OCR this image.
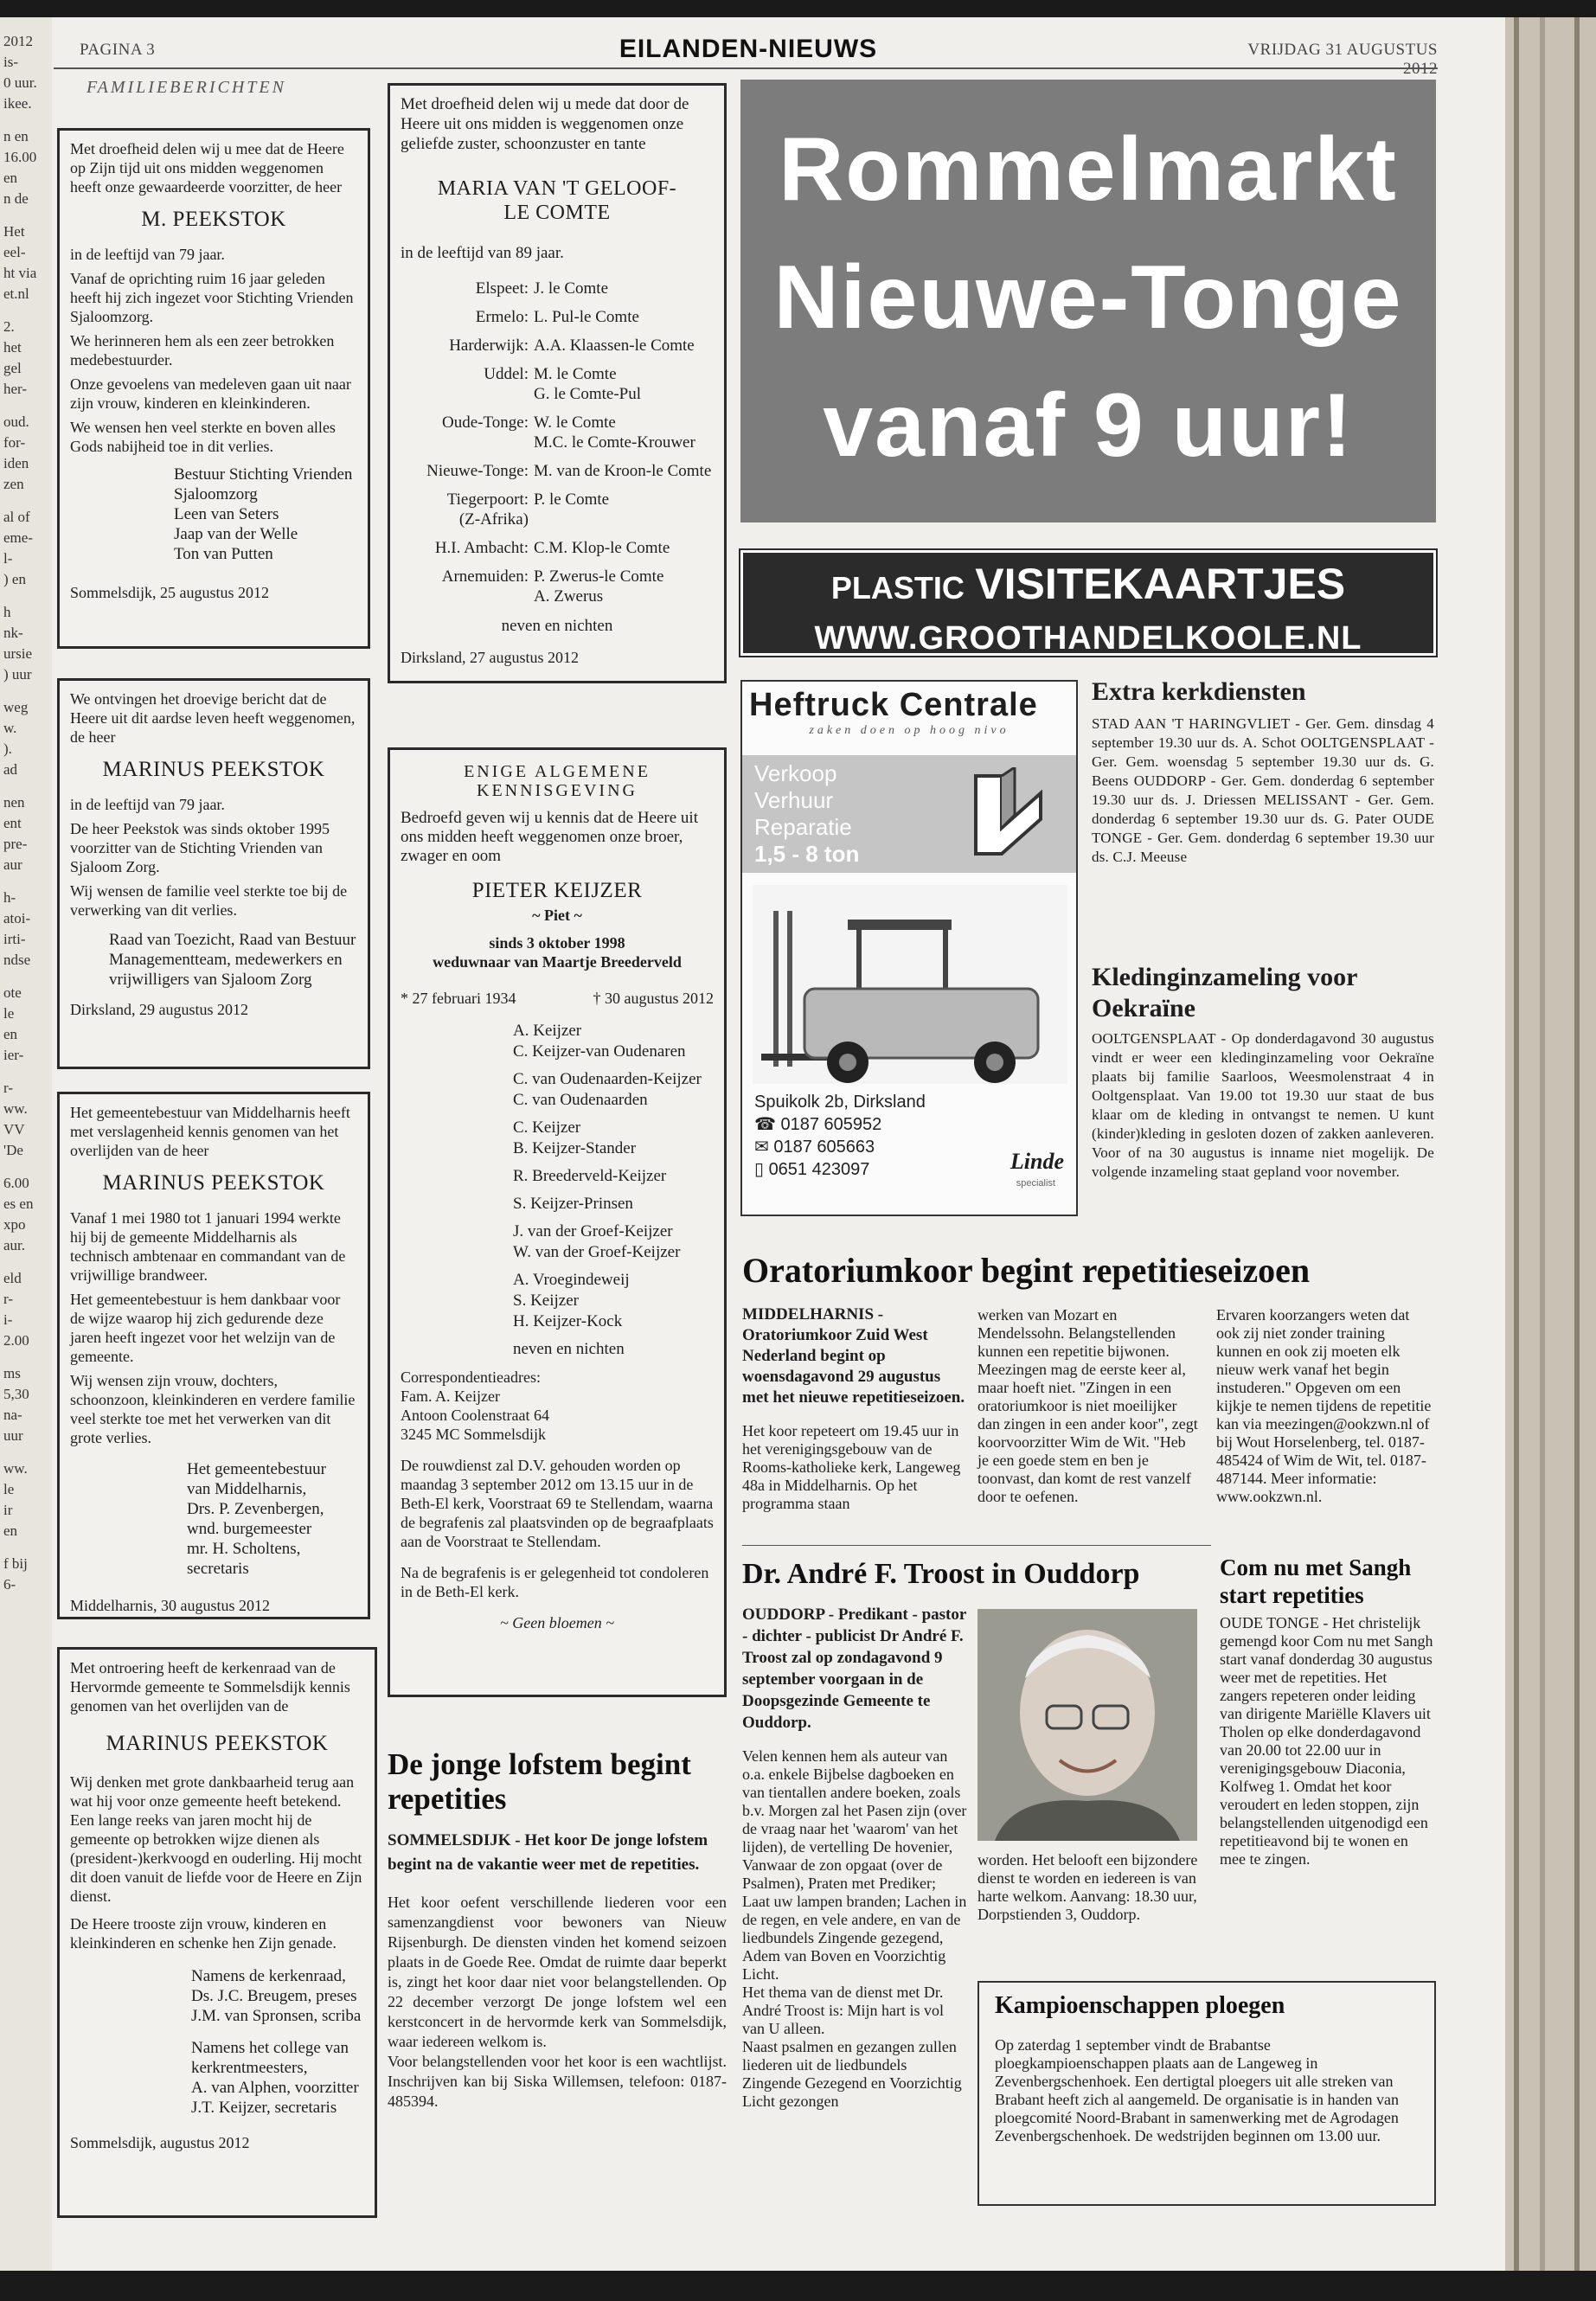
2012
is-
0 uur.
ikee.
n en
16.00
en
n de
Het
eel-
ht via
et.nl
2.
het
gel
her-
oud.
for-
iden
zen
al of
eme-
l-
) en
h
nk-
ursie
) uur
weg
w.
).
ad
nen
ent
pre-
aur
h-
atoi-
irti-
ndse
ote
le
en
ier-
r-
ww.
VV
'De
6.00
es en
xpo
aur.
eld
r-
i-
2.00
ms
5,30
na-
uur
ww.
le
ir
en
f bij
6-
PAGINA 3	EILANDEN-NIEUWS	VRIJDAG 31 AUGUSTUS 2012
FAMILIEBERICHTEN

Met droefheid delen wij u mee dat de Heere op Zijn tijd uit ons midden weggenomen heeft onze gewaardeerde voorzitter, de heer

M. PEEKSTOK

in de leeftijd van 79 jaar.

Vanaf de oprichting ruim 16 jaar geleden heeft hij zich ingezet voor Stichting Vrienden Sjaloomzorg.

We herinneren hem als een zeer betrokken medebestuurder.

Onze gevoelens van medeleven gaan uit naar zijn vrouw, kinderen en kleinkinderen.

We wensen hen veel sterkte en boven alles Gods nabijheid toe in dit verlies.

Bestuur Stichting Vrienden
Sjaloomzorg
Leen van Seters
Jaap van der Welle
Ton van Putten
Sommelsdijk, 25 augustus 2012

We ontvingen het droevige bericht dat de Heere uit dit aardse leven heeft weggenomen, de heer

MARINUS PEEKSTOK

in de leeftijd van 79 jaar.

De heer Peekstok was sinds oktober 1995 voorzitter van de Stichting Vrienden van Sjaloom Zorg.

Wij wensen de familie veel sterkte toe bij de verwerking van dit verlies.

Raad van Toezicht, Raad van Bestuur
Managementteam, medewerkers en
vrijwilligers van Sjaloom Zorg
Dirksland, 29 augustus 2012

Het gemeentebestuur van Middelharnis heeft met verslagenheid kennis genomen van het overlijden van de heer

MARINUS PEEKSTOK

Vanaf 1 mei 1980 tot 1 januari 1994 werkte hij bij de gemeente Middelharnis als technisch ambtenaar en commandant van de vrijwillige brandweer.

Het gemeentebestuur is hem dankbaar voor de wijze waarop hij zich gedurende deze jaren heeft ingezet voor het welzijn van de gemeente.

Wij wensen zijn vrouw, dochters, schoonzoon, kleinkinderen en verdere familie veel sterkte toe met het verwerken van dit grote verlies.

Het gemeentebestuur
van Middelharnis,
Drs. P. Zevenbergen,
wnd. burgemeester
mr. H. Scholtens, secretaris
Middelharnis, 30 augustus 2012

Met ontroering heeft de kerkenraad van de Hervormde gemeente te Sommelsdijk kennis genomen van het overlijden van de

MARINUS PEEKSTOK

Wij denken met grote dankbaarheid terug aan wat hij voor onze gemeente heeft betekend. Een lange reeks van jaren mocht hij de gemeente op betrokken wijze dienen als (president-)kerkvoogd en ouderling. Hij mocht dit doen vanuit de liefde voor de Heere en Zijn dienst.

De Heere trooste zijn vrouw, kinderen en kleinkinderen en schenke hen Zijn genade.

Namens de kerkenraad,
Ds. J.C. Breugem, preses
J.M. van Spronsen, scriba
Namens het college van
kerkrentmeesters,
A. van Alphen, voorzitter
J.T. Keijzer, secretaris
Sommelsdijk, augustus 2012

Met droefheid delen wij u mede dat door de Heere uit ons midden is weggenomen onze geliefde zuster, schoonzuster en tante

MARIA VAN 'T GELOOF-LE COMTE

in de leeftijd van 89 jaar.

Elspeet: J. le Comte
Ermelo: L. Pul-le Comte
Harderwijk: A.A. Klaassen-le Comte
Uddel: M. le Comte
G. le Comte-Pul
Oude-Tonge: W. le Comte
M.C. le Comte-Krouwer
Nieuwe-Tonge: M. van de Kroon-le Comte
Tiegerpoort: P. le Comte
(Z-Afrika)
H.I. Ambacht: C.M. Klop-le Comte
Arnemuiden: P. Zwerus-le Comte
A. Zwerus
neven en nichten
Dirksland, 27 augustus 2012
ENIGE ALGEMENE KENNISGEVING

Bedroefd geven wij u kennis dat de Heere uit ons midden heeft weggenomen onze broer, zwager en oom

PIETER KEIJZER
~ Piet ~
sinds 3 oktober 1998
weduwnaar van Maartje Breederveld
* 27 februari 1934	† 30 augustus 2012
A. Keijzer
C. Keijzer-van Oudenaren
C. van Oudenaarden-Keijzer
C. van Oudenaarden
C. Keijzer
B. Keijzer-Stander
R. Breederveld-Keijzer
S. Keijzer-Prinsen
J. van der Groef-Keijzer
W. van der Groef-Keijzer
A. Vroegindeweij
S. Keijzer
H. Keijzer-Kock
neven en nichten
Correspondentieadres:
Fam. A. Keijzer
Antoon Coolenstraat 64
3245 MC Sommelsdijk

De rouwdienst zal D.V. gehouden worden op maandag 3 september 2012 om 13.15 uur in de Beth-El kerk, Voorstraat 69 te Stellendam, waarna de begrafenis zal plaatsvinden op de begraafplaats aan de Voorstraat te Stellendam.

Na de begrafenis is er gelegenheid tot condoleren in de Beth-El kerk.

~ Geen bloemen ~
De jonge lofstem begint repetities
SOMMELSDIJK - Het koor De jonge lofstem begint na de vakantie weer met de repetities.

Het koor oefent verschillende liederen voor een samenzangdienst voor bewoners van Nieuw Rijsenburgh. De diensten vinden het komend seizoen plaats in de Goede Ree. Omdat de ruimte daar beperkt is, zingt het koor daar niet voor belangstellenden. Op 22 december verzorgt De jonge lofstem wel een kerstconcert in de hervormde kerk van Sommelsdijk, waar iedereen welkom is.

Voor belangstellenden voor het koor is een wachtlijst. Inschrijven kan bij Siska Willemsen, telefoon: 0187-485394.

Rommelmarkt
Nieuwe-Tonge
vanaf 9 uur!
PLASTIC VISITEKAARTJES
WWW.GROOTHANDELKOOLE.NL
Heftruck Centrale
zaken doen op hoog nivo
Verkoop
Verhuur
Reparatie
1,5 - 8 ton
Spuikolk 2b, Dirksland
☎ 0187 605952
✉ 0187 605663
▯ 0651 423097	Linde
specialist
Extra kerkdiensten
STAD AAN 'T HARINGVLIET - Ger. Gem. dinsdag 4 september 19.30 uur ds. A. Schot OOLTGENSPLAAT - Ger. Gem. woensdag 5 september 19.30 uur ds. G. Beens OUDDORP - Ger. Gem. donderdag 6 september 19.30 uur ds. J. Driessen MELISSANT - Ger. Gem. donderdag 6 september 19.30 uur ds. G. Pater OUDE TONGE - Ger. Gem. donderdag 6 september 19.30 uur ds. C.J. Meeuse
Kledinginzameling voor Oekraïne
OOLTGENSPLAAT - Op donderdagavond 30 augustus vindt er weer een kledinginzameling voor Oekraïne plaats bij familie Saarloos, Weesmolenstraat 4 in Ooltgensplaat. Van 19.00 tot 19.30 uur staat de bus klaar om de kleding in ontvangst te nemen. U kunt (kinder)kleding in gesloten dozen of zakken aanleveren. Voor of na 30 augustus is inname niet mogelijk. De volgende inzameling staat gepland voor november.
Oratoriumkoor begint repetitieseizoen
MIDDELHARNIS - Oratoriumkoor Zuid West Nederland begint op woensdagavond 29 augustus met het nieuwe repetitieseizoen.

Het koor repeteert om 19.45 uur in het verenigingsgebouw van de Rooms-katholieke kerk, Langeweg 48a in Middelharnis. Op het programma staan

werken van Mozart en Mendelssohn. Belangstellenden kunnen een repetitie bijwonen. Meezingen mag de eerste keer al, maar hoeft niet. "Zingen in een oratoriumkoor is niet moeilijker dan zingen in een ander koor", zegt koorvoorzitter Wim de Wit. "Heb je een goede stem en ben je toonvast, dan komt de rest vanzelf door te oefenen.

Ervaren koorzangers weten dat ook zij niet zonder training kunnen en ook zij moeten elk nieuw werk vanaf het begin instuderen." Opgeven om een kijkje te nemen tijdens de repetitie kan via meezingen@ookzwn.nl of bij Wout Horselenberg, tel. 0187-485424 of Wim de Wit, tel. 0187-487144. Meer informatie: www.ookzwn.nl.

Dr. André F. Troost in Ouddorp
OUDDORP - Predikant - pastor - dichter - publicist Dr André F. Troost zal op zondagavond 9 september voorgaan in de Doopsgezinde Gemeente te Ouddorp.

Velen kennen hem als auteur van o.a. enkele Bijbelse dagboeken en van tientallen andere boeken, zoals b.v. Morgen zal het Pasen zijn (over de vraag naar het 'waarom' van het lijden), de vertelling De hovenier, Vanwaar de zon opgaat (over de Psalmen), Praten met Prediker; Laat uw lampen branden; Lachen in de regen, en vele andere, en van de liedbundels Zingende gezegend, Adem van Boven en Voorzichtig Licht.

Het thema van de dienst met Dr. André Troost is: Mijn hart is vol van U alleen.

Naast psalmen en gezangen zullen liederen uit de liedbundels Zingende Gezegend en Voorzichtig Licht gezongen

worden. Het belooft een bijzondere dienst te worden en iedereen is van harte welkom. Aanvang: 18.30 uur, Dorpstienden 3, Ouddorp.

Com nu met Sangh start repetities
OUDE TONGE - Het christelijk gemengd koor Com nu met Sangh start vanaf donderdag 30 augustus weer met de repetities. Het zangers repeteren onder leiding van dirigente Mariëlle Klavers uit Tholen op elke donderdagavond van 20.00 tot 22.00 uur in verenigingsgebouw Diaconia, Kolfweg 1. Omdat het koor veroudert en leden stoppen, zijn belangstellenden uitgenodigd een repetitieavond bij te wonen en mee te zingen.
Kampioenschappen ploegen
Op zaterdag 1 september vindt de Brabantse ploegkampioenschappen plaats aan de Langeweg in Zevenbergschenhoek. Een dertigtal ploegers uit alle streken van Brabant heeft zich al aangemeld. De organisatie is in handen van ploegcomité Noord-Brabant in samenwerking met de Agrodagen Zevenbergschenhoek. De wedstrijden beginnen om 13.00 uur.
